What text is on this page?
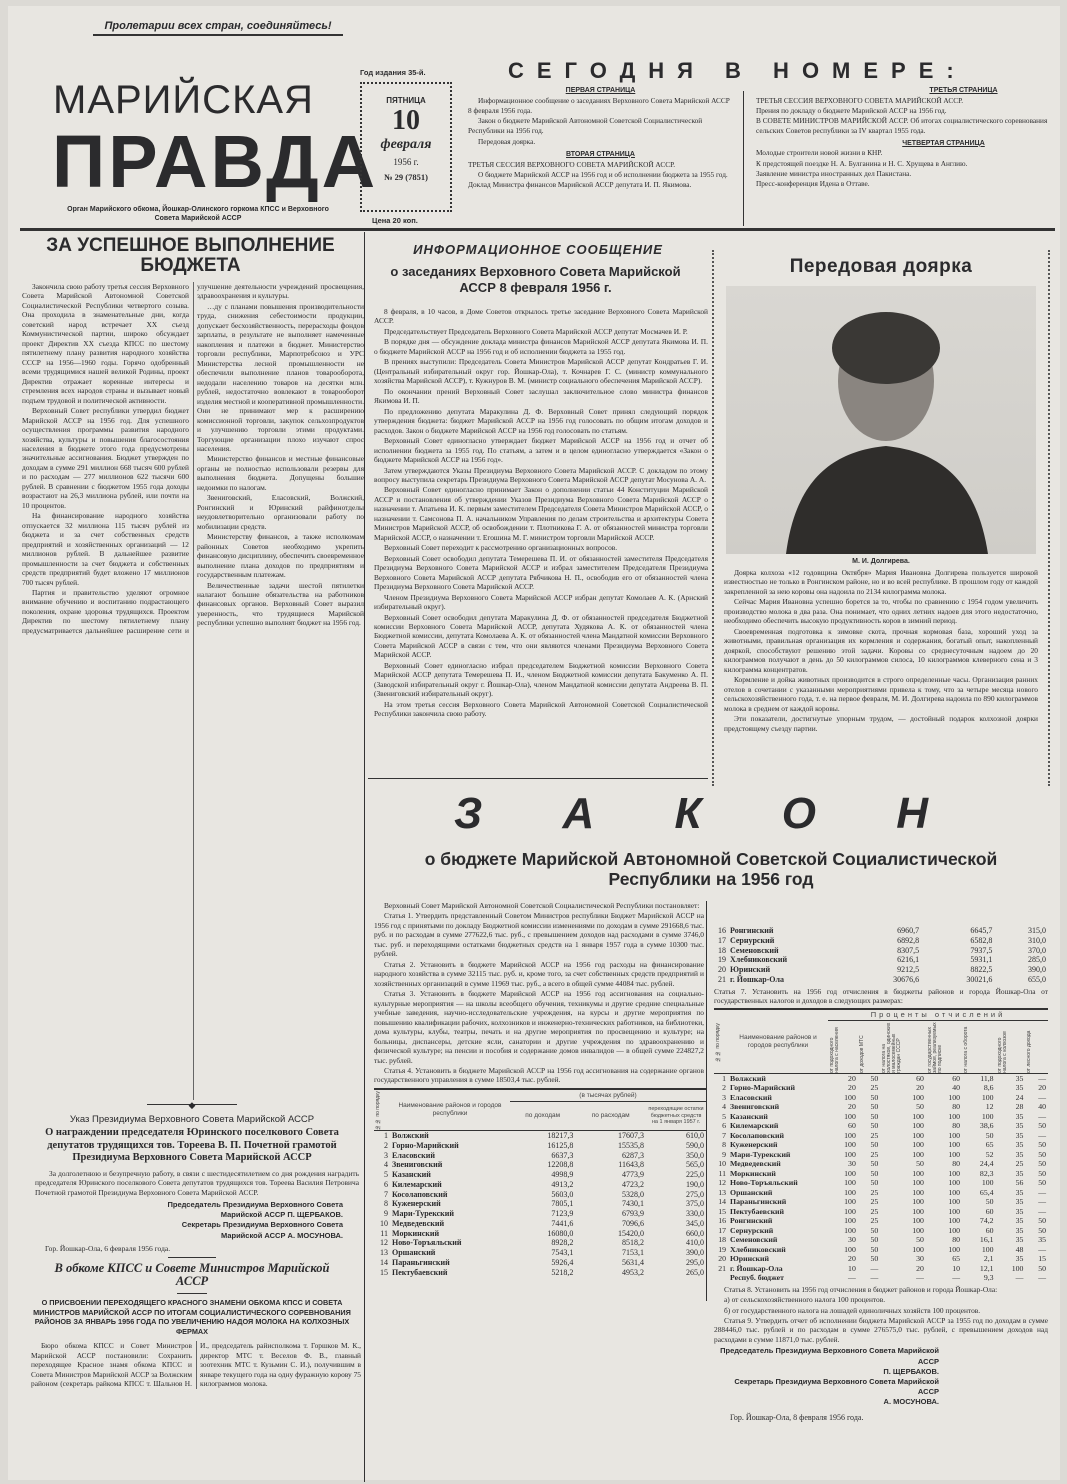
Пролетарии всех стран, соединяйтесь!
МАРИЙСКАЯ
ПРАВДА
Орган Марийского обкома, Йошкар-Олинского горкома КПСС и Верховного Совета Марийской АССР
Год издания 35-й.
ПЯТНИЦА
10
февраля
1956 г.
№ 29 (7851)
Цена 20 коп.
СЕГОДНЯ В НОМЕРЕ:
ПЕРВАЯ СТРАНИЦА

Информационное сообщение о заседаниях Верховного Совета Марийской АССР 8 февраля 1956 года.

Закон о бюджете Марийской Автономной Советской Социалистической Республики на 1956 год.

Передовая доярка.

ВТОРАЯ СТРАНИЦА

ТРЕТЬЯ СЕССИЯ ВЕРХОВНОГО СОВЕТА МАРИЙСКОЙ АССР.

О бюджете Марийской АССР на 1956 год и об исполнении бюджета за 1955 год. Доклад Министра финансов Марийской АССР депутата И. П. Якимова.

ТРЕТЬЯ СТРАНИЦА

ТРЕТЬЯ СЕССИЯ ВЕРХОВНОГО СОВЕТА МАРИЙСКОЙ АССР.

Прения по докладу о бюджете Марийской АССР на 1956 год.

В СОВЕТЕ МИНИСТРОВ МАРИЙСКОЙ АССР. Об итогах социалистического соревнования сельских Советов республики за IV квартал 1955 года.

ЧЕТВЕРТАЯ СТРАНИЦА

Молодые строители новой жизни в КНР.

К предстоящей поездке Н. А. Булганина и Н. С. Хрущева в Англию.

Заявление министра иностранных дел Пакистана.

Пресс-конференция Идена в Оттаве.

ЗА УСПЕШНОЕ ВЫПОЛНЕНИЕ БЮДЖЕТА

Закончила свою работу третья сессия Верховного Совета Марийской Автономной Советской Социалистической Республики четвертого созыва. Она проходила в знаменательные дни, когда советский народ встречает XX съезд Коммунистической партии, широко обсуждает проект Директив XX съезда КПСС по шестому пятилетнему плану развития народного хозяйства СССР на 1956—1960 годы. Горячо одобренный всеми трудящимися нашей великой Родины, проект Директив отражает коренные интересы и стремления всех народов страны и вызывает новый подъем трудовой и политической активности.

Верховный Совет республики утвердил бюджет Марийской АССР на 1956 год. Для успешного осуществления программы развития народного хозяйства, культуры и повышения благосостояния населения в бюджете этого года предусмотрены значительные ассигнования. Бюджет утвержден по доходам в сумме 291 миллион 668 тысяч 600 рублей и по расходам — 277 миллионов 622 тысячи 600 рублей. В сравнении с бюджетом 1955 года доходы возрастают на 26,3 миллиона рублей, или почти на 10 процентов.

На финансирование народного хозяйства отпускается 32 миллиона 115 тысяч рублей из бюджета и за счет собственных средств предприятий и хозяйственных организаций — 12 миллионов рублей. В дальнейшее развитие промышленности за счет бюджета и собственных средств предприятий будет вложено 17 миллионов 700 тысяч рублей.

Партия и правительство уделяют огромное внимание обучению и воспитанию подрастающего поколения, охране здоровья трудящихся. Проектом Директив по шестому пятилетнему плану предусматривается дальнейшее расширение сети и улучшение деятельности учреждений просвещения, здравоохранения и культуры.

…ду с планами повышения производительности труда, снижения себестоимости продукции, допускает бесхозяйственность, перерасходы фондов зарплаты, в результате не выполняет намеченные накопления и платежи в бюджет. Министерство торговли республики, Марпотребсоюз и УРС Министерства лесной промышленности не обеспечили выполнение планов товарооборота, недодали населению товаров на десятки млн. рублей, недостаточно вовлекают в товарооборот изделия местной и кооперативной промышленности. Они не принимают мер к расширению комиссионной торговли, закупок сельхозпродуктов и улучшению торговли этими продуктами. Торгующие организации плохо изучают спрос населения.

Министерство финансов и местные финансовые органы не полностью использовали резервы для выполнения бюджета. Допущены большие недоимки по налогам.

Звениговский, Еласовский, Волжский, Ронгинский и Юринский райфинотделы неудовлетворительно организовали работу по мобилизации средств.

Министерству финансов, а также исполкомам районных Советов необходимо укрепить финансовую дисциплину, обеспечить своевременное выполнение плана доходов по предприятиям и государственным платежам.

Величественные задачи шестой пятилетки налагают большие обязательства на работников финансовых органов. Верховный Совет выразил уверенность, что трудящиеся Марийской республики успешно выполнят бюджет на 1956 год.

◆
Указ Президиума Верховного Совета Марийской АССР
О награждении председателя Юринского поселкового Совета депутатов трудящихся тов. Тореева В. П. Почетной грамотой Президиума Верховного Совета Марийской АССР
За долголетнюю и безупречную работу, в связи с шестидесятилетием со дня рождения наградить председателя Юринского поселкового Совета депутатов трудящихся тов. Тореева Василия Петровича Почетной грамотой Президиума Верховного Совета Марийской АССР.
Председатель Президиума Верховного Совета
Марийской АССР П. ЩЕРБАКОВ.
Секретарь Президиума Верховного Совета
Марийской АССР А. МОСУНОВА.
Гор. Йошкар-Ола, 6 февраля 1956 года.
В обкоме КПСС и Совете Министров Марийской АССР
О ПРИСВОЕНИИ ПЕРЕХОДЯЩЕГО КРАСНОГО ЗНАМЕНИ ОБКОМА КПСС И СОВЕТА МИНИСТРОВ МАРИЙСКОЙ АССР ПО ИТОГАМ СОЦИАЛИСТИЧЕСКОГО СОРЕВНОВАНИЯ РАЙОНОВ ЗА ЯНВАРЬ 1956 ГОДА ПО УВЕЛИЧЕНИЮ НАДОЯ МОЛОКА НА КОЛХОЗНЫХ ФЕРМАХ

Бюро обкома КПСС и Совет Министров Марийской АССР постановили: Сохранить переходящее Красное знамя обкома КПСС и Совета Министров Марийской АССР за Волжским районом (секретарь райкома КПСС т. Шальнов Н. И., председатель райисполкома т. Горшков М. К., директор МТС т. Веселов Ф. В., главный зоотехник МТС т. Кузьмин С. И.), получившим в январе текущего года на одну фуражную корову 75 килограммов молока.

ИНФОРМАЦИОННОЕ СООБЩЕНИЕ
о заседаниях Верховного Совета Марийской АССР 8 февраля 1956 г.

8 февраля, в 10 часов, в Доме Советов открылось третье заседание Верховного Совета Марийской АССР.

Председательствует Председатель Верховного Совета Марийской АССР депутат Мосмачев И. Р.

В порядке дня — обсуждение доклада министра финансов Марийской АССР депутата Якимова И. П. о бюджете Марийской АССР на 1956 год и об исполнении бюджета за 1955 год.

В прениях выступили: Председатель Совета Министров Марийской АССР депутат Кондратьев Г. И. (Центральный избирательный округ гор. Йошкар-Ола), т. Кочнарев Г. С. (министр коммунального хозяйства Марийской АССР), т. Кужнуров В. М. (министр социального обеспечения Марийской АССР).

По окончании прений Верховный Совет заслушал заключительное слово министра финансов Якимова И. П.

По предложению депутата Маракулина Д. Ф. Верховный Совет принял следующий порядок утверждения бюджета: бюджет Марийской АССР на 1956 год голосовать по общим итогам доходов и расходов. Закон о бюджете Марийской АССР на 1956 год голосовать по статьям.

Верховный Совет единогласно утверждает бюджет Марийской АССР на 1956 год и отчет об исполнении бюджета за 1955 год. По статьям, а затем и в целом единогласно утверждается «Закон о бюджете Марийской АССР на 1956 год».

Затем утверждаются Указы Президиума Верховного Совета Марийской АССР. С докладом по этому вопросу выступила секретарь Президиума Верховного Совета Марийской АССР депутат Мосунова А. А.

Верховный Совет единогласно принимает Закон о дополнении статьи 44 Конституции Марийской АССР и постановления об утверждении Указов Президиума Верховного Совета Марийской АССР о назначении т. Апатьева И. К. первым заместителем Председателя Совета Министров Марийской АССР, о назначении т. Самсонова П. А. начальником Управления по делам строительства и архитектуры Совета Министров Марийской АССР, об освобождении т. Плотникова Г. А. от обязанностей министра торговли Марийской АССР, о назначении т. Егошина М. Г. министром торговли Марийской АССР.

Верховный Совет переходит к рассмотрению организационных вопросов.

Верховный Совет освободил депутата Темерешева П. И. от обязанностей заместителя Председателя Президиума Верховного Совета Марийской АССР и избрал заместителем Председателя Президиума Верховного Совета Марийской АССР депутата Рябчикова Н. П., освободив его от обязанностей члена Президиума Верховного Совета Марийской АССР.

Членом Президиума Верховного Совета Марийской АССР избран депутат Комолаев А. К. (Арнский избирательный округ).

Верховный Совет освободил депутата Маракулина Д. Ф. от обязанностей председателя Бюджетной комиссии Верховного Совета Марийской АССР, депутата Худякова А. К. от обязанностей члена Бюджетной комиссии, депутата Комолаева А. К. от обязанностей члена Мандатной комиссии Верховного Совета Марийской АССР в связи с тем, что они являются членами Президиума Верховного Совета Марийской АССР.

Верховный Совет единогласно избрал председателем Бюджетной комиссии Верховного Совета Марийской АССР депутата Темерешева П. И., членом Бюджетной комиссии депутата Бакуменко А. П. (Заводской избирательный округ г. Йошкар-Ола), членом Мандатной комиссии депутата Андреева В. П. (Звениговский избирательный округ).

На этом третья сессия Верховного Совета Марийской Автономной Советской Социалистической Республики закончила свою работу.

Передовая доярка
М. И. Долгирева.

Доярка колхоза «12 годовщина Октября» Мария Ивановна Долгирева пользуется широкой известностью не только в Ронгинском районе, но и во всей республике. В прошлом году от каждой закрепленной за нею коровы она надоила по 2134 килограмма молока.

Сейчас Мария Ивановна успешно борется за то, чтобы по сравнению с 1954 годом увеличить производство молока в два раза. Она понимает, что одних летних надоев для этого недостаточно, необходимо обеспечить высокую продуктивность коров в зимний период.

Своевременная подготовка к зимовке скота, прочная кормовая база, хороший уход за животными, правильная организация их кормления и содержания, богатый опыт, накопленный дояркой, способствуют решению этой задачи. Коровы со среднесуточным надоем до 20 килограммов получают в день до 50 килограммов силоса, 10 килограммов клеверного сена и 3 килограмма концентратов.

Кормление и дойка животных производится в строго определенные часы. Организация ранних отелов в сочетании с указанными мероприятиями привела к тому, что за четыре месяца нового сельскохозяйственного года, т. е. на первое февраля, М. И. Долгирева надоила по 890 килограммов молока в среднем от каждой коровы.

Эти показатели, достигнутые упорным трудом, — достойный подарок колхозной доярки предстоящему съезду партии.

З А К О Н
о бюджете Марийской Автономной Советской Социалистической Республики на 1956 год

Верховный Совет Марийской Автономной Советской Социалистической Республики постановляет:

Статья 1. Утвердить представленный Советом Министров республики Бюджет Марийской АССР на 1956 год с принятыми по докладу Бюджетной комиссии изменениями по доходам в сумме 291668,6 тыс. руб. и по расходам в сумме 277622,6 тыс. руб., с превышением доходов над расходами в сумме 3746,0 тыс. руб. и переходящими остатками бюджетных средств на 1 января 1957 года в сумме 10300 тыс. рублей.

Статья 2. Установить в бюджете Марийской АССР на 1956 год расходы на финансирование народного хозяйства в сумме 32115 тыс. руб. и, кроме того, за счет собственных средств предприятий и хозяйственных организаций в сумме 11969 тыс. руб., а всего в общей сумме 44084 тыс. рублей.

Статья 3. Установить в бюджете Марийской АССР на 1956 год ассигнования на социально-культурные мероприятия — на школы всеобщего обучения, техникумы и другие средние специальные учебные заведения, научно-исследовательские учреждения, на курсы и другие мероприятия по повышению квалификации рабочих, колхозников и инженерно-технических работников, на библиотеки, дома культуры, клубы, театры, печать и на другие мероприятия по просвещению и культуре; на больницы, диспансеры, детские ясли, санатории и другие учреждения по здравоохранению и физической культуре; на пенсии и пособия и содержание домов инвалидов — в общей сумме 224827,2 тыс. рублей.

Статья 4. Установить в бюджете Марийской АССР на 1956 год ассигнования на содержание органов государственного управления в сумме 18503,4 тыс. рублей.

№№ по порядку	Наименование районов и городов республики	(в тысячах рублей)		
		по доходам	по расходам	переходящие остатки бюджетных средств на 1 января 1957 г.
1	Волжский	18217,3	17607,3	610,0
2	Горно-Марийский	16125,8	15535,8	590,0
3	Еласовский	6637,3	6287,3	350,0
4	Звениговский	12208,8	11643,8	565,0
5	Казанский	4998,9	4773,9	225,0
6	Килемарский	4913,2	4723,2	190,0
7	Косолаповский	5603,0	5328,0	275,0
8	Куженерский	7805,1	7430,1	375,0
9	Мари-Турекский	7123,9	6793,9	330,0
10	Медведевский	7441,6	7096,6	345,0
11	Моркинский	16080,0	15420,0	660,0
12	Ново-Торъяльский	8928,2	8518,2	410,0
13	Оршанский	7543,1	7153,1	390,0
14	Параньгинский	5926,4	5631,4	295,0
15	Пектубаевский	5218,2	4953,2	265,0
16	Ронгинский	6960,7	6645,7	315,0
17	Сернурский	6892,8	6582,8	310,0
18	Семеновский	8307,5	7937,5	370,0
19	Хлебниковский	6216,1	5931,1	285,0
20	Юринский	9212,5	8822,5	390,0
21	г. Йошкар-Ола	30676,6	30021,6	655,0
Статья 7. Установить на 1956 год отчисления в бюджеты районов и города Йошкар-Ола от государственных налогов и доходов в следующих размерах:
№№ по порядку	Наименование районов и городов республики	Проценты отчислений						

		от подоходного налога с населения	от доходов МТС	от налога на холостяков, одиноких и малосемейных граждан СССР	от государственных займов, реализуемых по подписке	от налога с оборота	от подоходного налога с колхозов	от лесного дохода

1	Волжский	20	50	60	60	11,8	35	—
2	Горно-Марийский	20	25	20	40	8,6	35	20
3	Еласовский	100	50	100	100	100	24	—
4	Звениговский	20	50	50	80	12	28	40
5	Казанский	100	50	100	100	100	35	—
6	Килемарский	60	50	100	80	38,6	35	50
7	Косолаповский	100	25	100	100	50	35	—
8	Куженерский	100	50	100	100	65	35	50
9	Мари-Турекский	100	25	100	100	52	35	50
10	Медведевский	30	50	50	80	24,4	25	50
11	Моркинский	100	50	100	100	82,3	35	50
12	Ново-Торъяльский	100	50	100	100	100	56	50
13	Оршанский	100	25	100	100	65,4	35	—
14	Параньгинский	100	25	100	100	50	35	—
15	Пектубаевский	100	25	100	100	60	35	—
16	Ронгинский	100	25	100	100	74,2	35	50
17	Сернурский	100	50	100	100	60	35	50
18	Семеновский	30	50	50	80	16,1	35	35
19	Хлебниковский	100	50	100	100	100	48	—
20	Юринский	20	50	30	65	2,1	35	15
21	г. Йошкар-Ола	10	—	20	10	12,1	100	50
	Респуб. бюджет	—	—	—	—	9,3	—	—

Статья 8. Установить на 1956 год отчисления в бюджет районов и города Йошкар-Ола:

а) от сельскохозяйственного налога 100 процентов.

б) от государственного налога на лошадей единоличных хозяйств 100 процентов.

Статья 9. Утвердить отчет об исполнении бюджета Марийской АССР за 1955 год по доходам в сумме 288446,0 тыс. рублей и по расходам в сумме 276575,0 тыс. рублей, с превышением доходов над расходами в сумме 11871,0 тыс. рублей.

Председатель Президиума Верховного Совета Марийской АССР
П. ЩЕРБАКОВ.
Секретарь Президиума Верховного Совета Марийской АССР
А. МОСУНОВА.
Гор. Йошкар-Ола, 8 февраля 1956 года.
